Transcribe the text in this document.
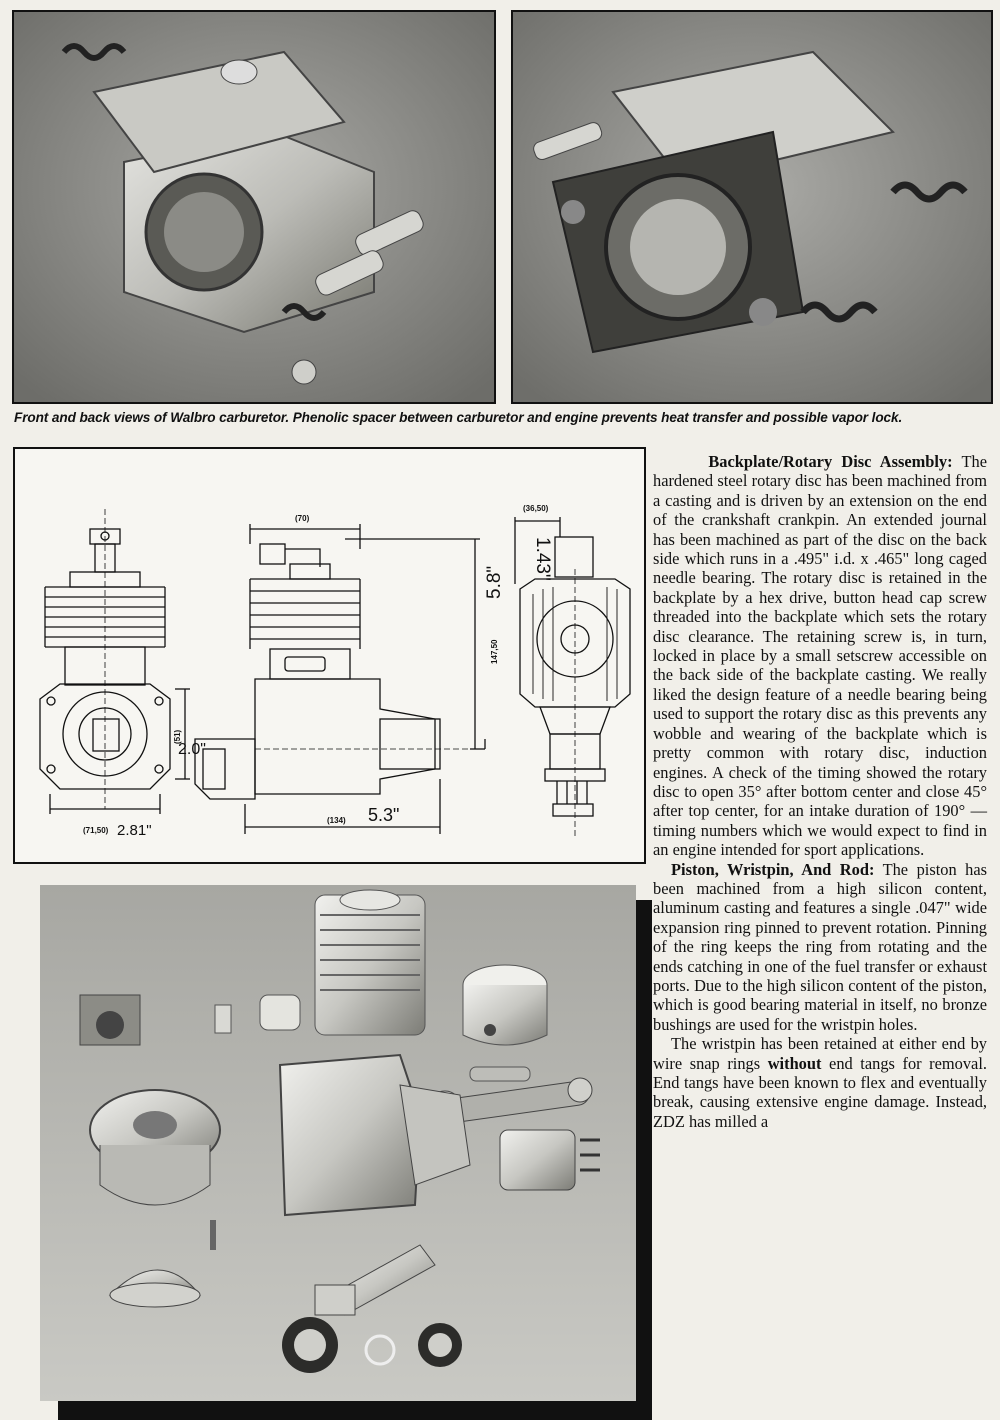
Front and back views of Walbro carburetor. Phenolic spacer between carburetor and engine prevents heat transfer and possible vapor lock.
(70)
(36,50)
1.43"
5.8"
147,50
(51)
2.0"
(71,50) 2.81"
(134) 5.3"

Backplate/Rotary Disc Assembly: The hardened steel rotary disc has been machined from a casting and is driven by an extension on the end of the crankshaft crankpin. An extended journal has been machined as part of the disc on the back side which runs in a .495" i.d. x .465" long caged needle bearing. The rotary disc is retained in the backplate by a hex drive, button head cap screw threaded into the backplate which sets the rotary disc clearance. The retaining screw is, in turn, locked in place by a small setscrew accessible on the back side of the backplate casting. We really liked the design feature of a needle bearing being used to support the rotary disc as this prevents any wobble and wearing of the backplate which is pretty common with rotary disc, induction engines. A check of the timing showed the rotary disc to open 35° after bottom center and close 45° after top center, for an intake duration of 190° — timing numbers which we would expect to find in an engine intended for sport applications.

Piston, Wristpin, And Rod: The piston has been machined from a high silicon content, aluminum casting and features a single .047" wide expansion ring pinned to prevent rotation. Pinning of the ring keeps the ring from rotating and the ends catching in one of the fuel transfer or exhaust ports. Due to the high silicon content of the piston, which is good bearing material in itself, no bronze bushings are used for the wristpin holes.

The wristpin has been retained at either end by wire snap rings without end tangs for removal. End tangs have been known to flex and eventually break, causing extensive engine damage. Instead, ZDZ has milled a
